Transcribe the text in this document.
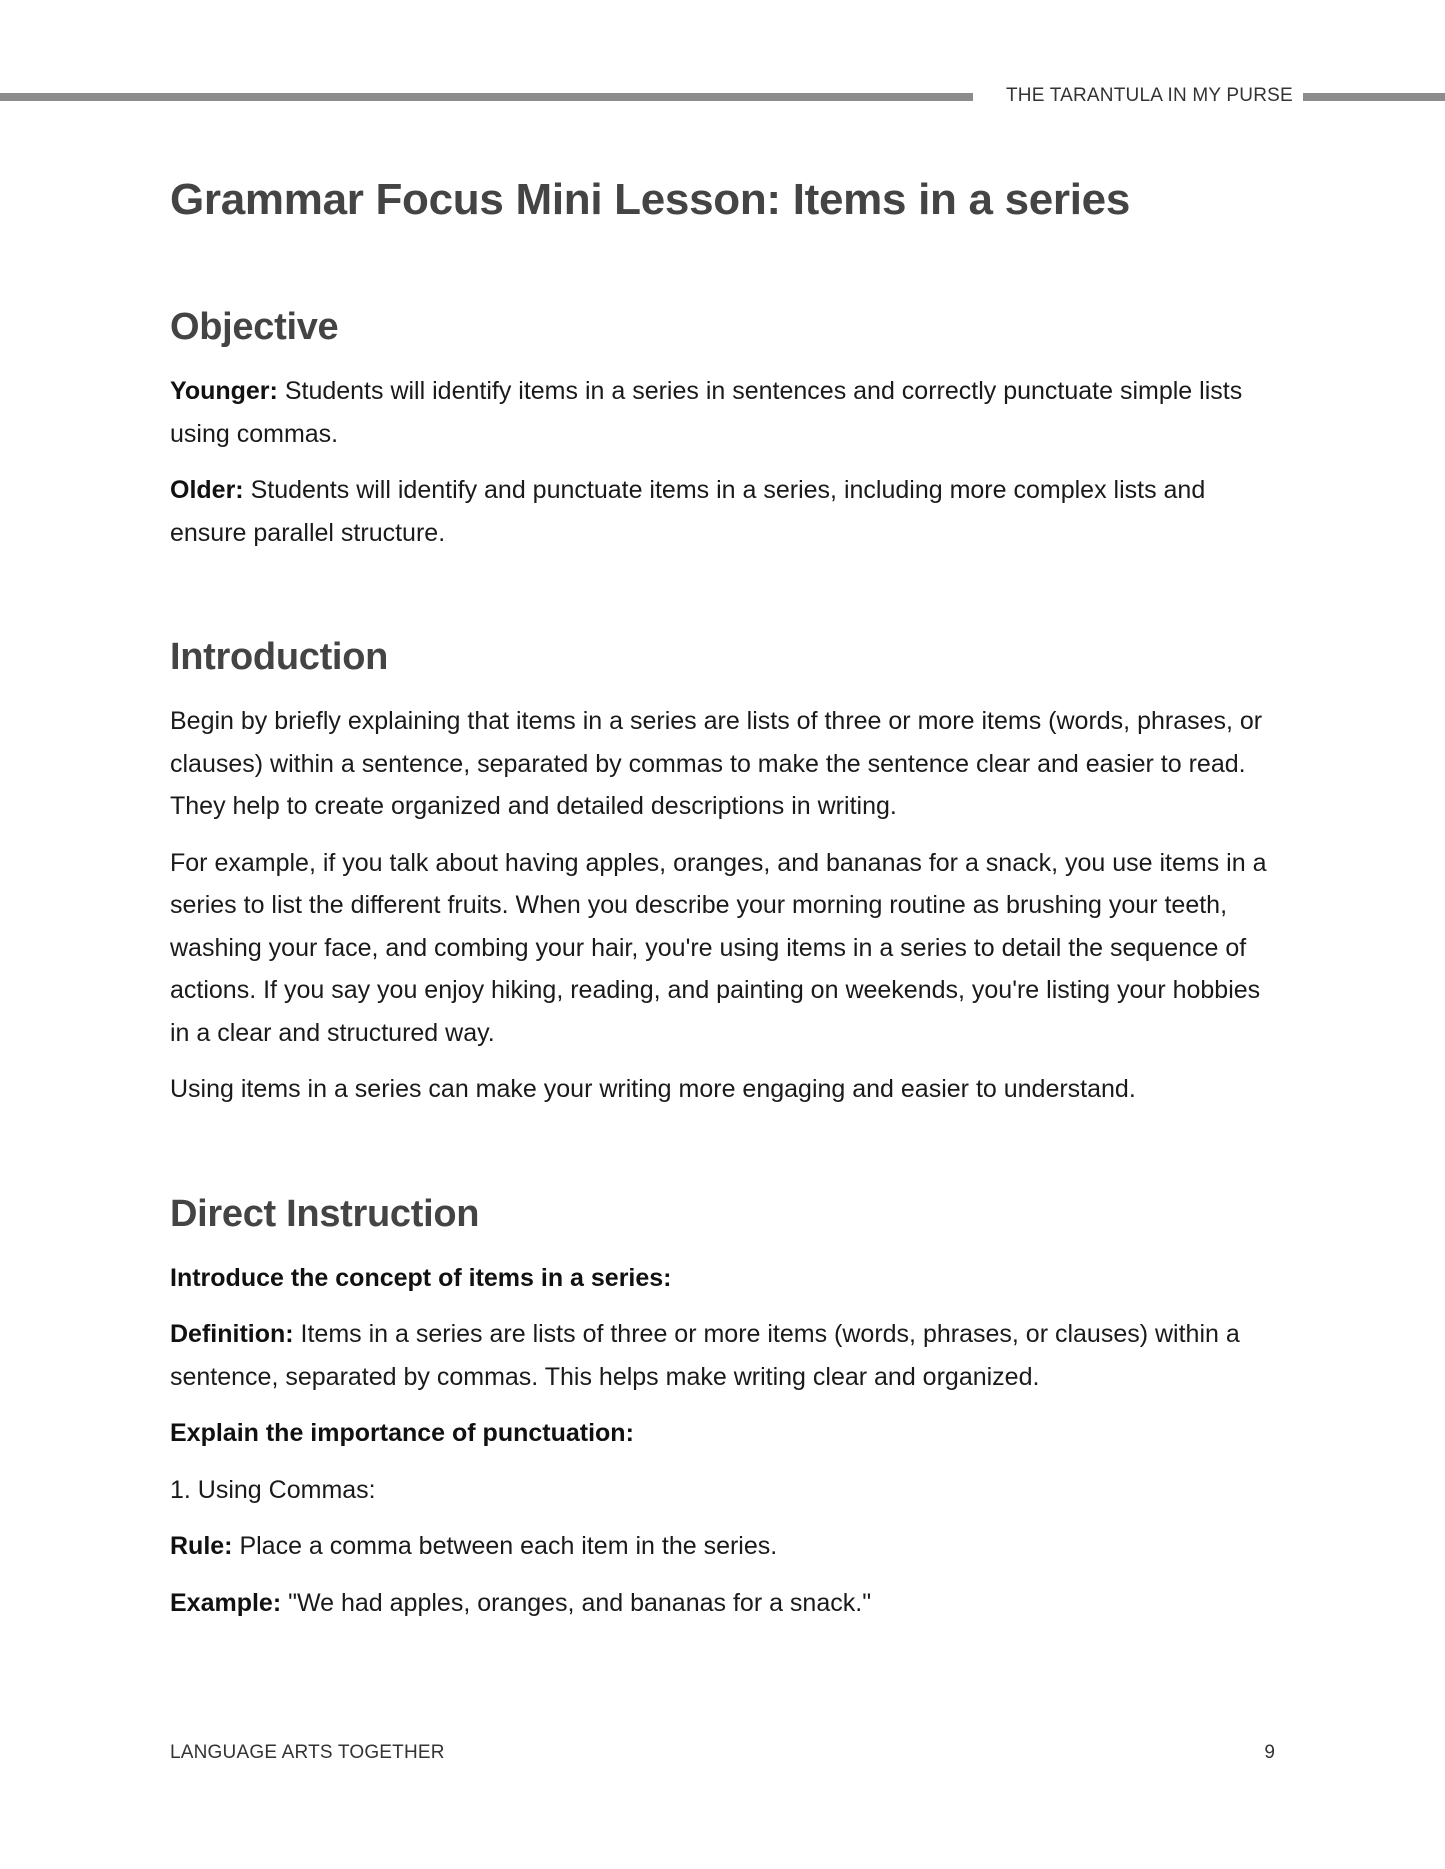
THE TARANTULA IN MY PURSE
Grammar Focus Mini Lesson: Items in a series
Objective

Younger: Students will identify items in a series in sentences and correctly punctuate simple lists using commas.

Older: Students will identify and punctuate items in a series, including more complex lists and ensure parallel structure.

Introduction

Begin by briefly explaining that items in a series are lists of three or more items (words, phrases, or clauses) within a sentence, separated by commas to make the sentence clear and easier to read. They help to create organized and detailed descriptions in writing.

For example, if you talk about having apples, oranges, and bananas for a snack, you use items in a series to list the different fruits. When you describe your morning routine as brushing your teeth, washing your face, and combing your hair, you're using items in a series to detail the sequence of actions. If you say you enjoy hiking, reading, and painting on weekends, you're listing your hobbies in a clear and structured way.

Using items in a series can make your writing more engaging and easier to understand.

Direct Instruction

Introduce the concept of items in a series:

Definition: Items in a series are lists of three or more items (words, phrases, or clauses) within a sentence, separated by commas. This helps make writing clear and organized.

Explain the importance of punctuation:

1. Using Commas:

Rule: Place a comma between each item in the series.

Example: "We had apples, oranges, and bananas for a snack."

LANGUAGE ARTS TOGETHER	9
